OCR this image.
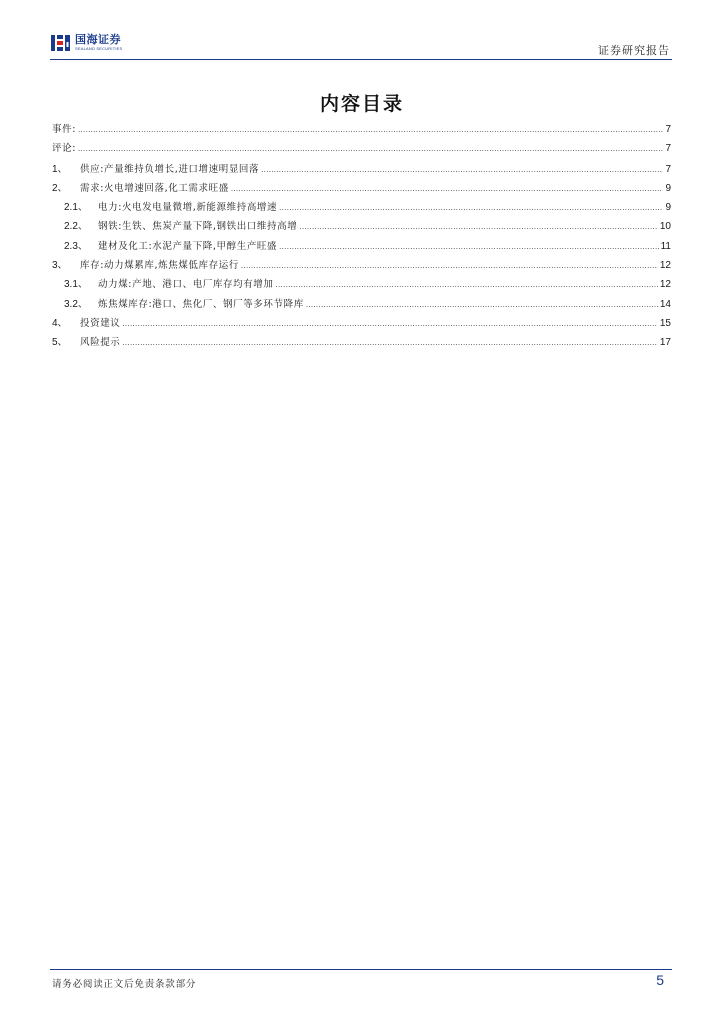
国海证券
SEALAND SECURITIES	证券研究报告
内容目录
事件: .....	7
评论: .....	7
1、	供应:产量维持负增长,进口增速明显回落 .....	7
2、	需求:火电增速回落,化工需求旺盛 .....	9
2.1、	电力:火电发电量微增,新能源维持高增速 .....	9
2.2、	钢铁:生铁、焦炭产量下降,钢铁出口维持高增 .....	10
2.3、	建材及化工:水泥产量下降,甲醇生产旺盛 .....	11
3、	库存:动力煤累库,炼焦煤低库存运行 .....	12
3.1、	动力煤:产地、港口、电厂库存均有增加 .....	12
3.2、	炼焦煤库存:港口、焦化厂、钢厂等多环节降库 .....	14
4、	投资建议 .....	15
5、	风险提示 .....	17
请务必阅读正文后免责条款部分	5
